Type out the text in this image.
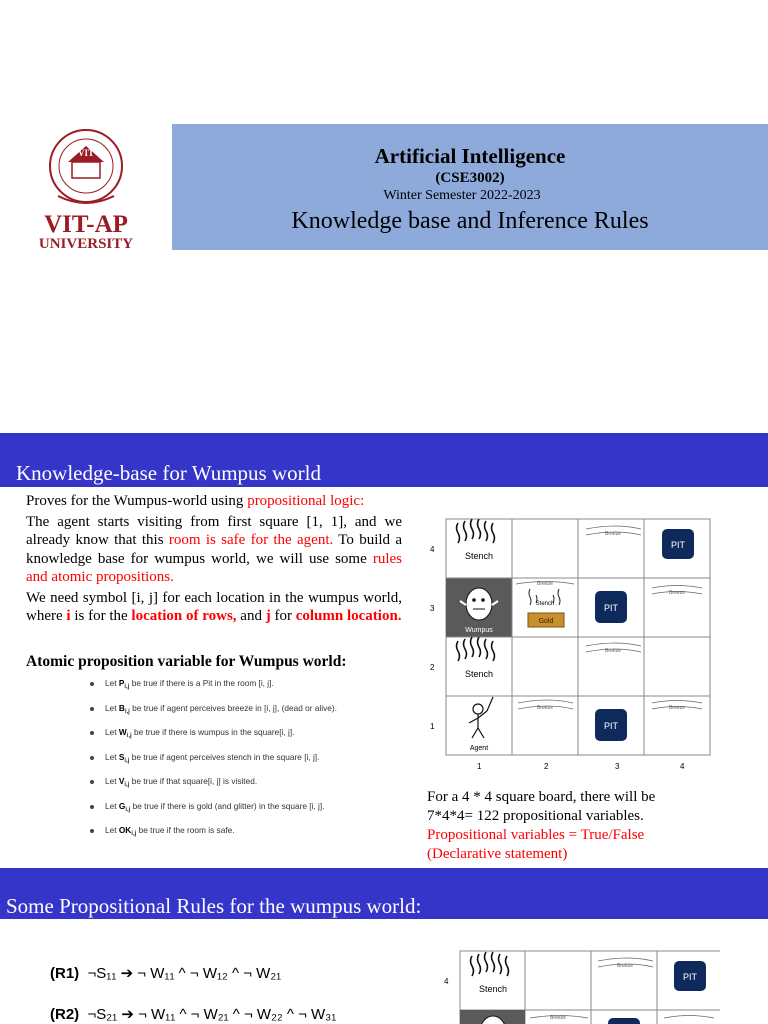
VIT
VIT-AP
UNIVERSITY
Artificial Intelligence
(CSE3002)
Winter Semester 2022-2023
Knowledge base and Inference Rules
Knowledge-base for Wumpus world
Proves for the Wumpus-world using propositional logic:
The agent starts visiting from first square [1, 1], and we already know that this room is safe for the agent. To build a knowledge base for wumpus world, we will use some rules and atomic propositions.
We need symbol [i, j] for each location in the wumpus world, where i is for the location of rows, and j for column location.
Atomic proposition variable for Wumpus world:
Let $P_{i,j}$ be true if there is a Pit in the room [i, j].
Let $B_{i,j}$ be true if agent perceives breeze in [i, j], (dead or alive).
Let $W_{i,j}$ be true if there is wumpus in the square[i, j].
Let $S_{i,j}$ be true if agent perceives stench in the square [i, j].
Let $V_{i,j}$ be true if that square[i, j] is visited.
Let $G_{i,j}$ be true if there is gold (and glitter) in the square [i, j].
Let $OK_{i,j}$ be true if the room is safe.
4
3
2
1
1	2	3	4
Stench
Breeze
PIT
Wumpus
Breeze
Stench
Gold
PIT
Breeze
Stench
Breeze
Agent
Breeze
PIT
Breeze
For a 4 * 4 square board, there will be
7*4*4= 122 propositional variables.
Propositional variables = True/False
(Declarative statement)
Some Propositional Rules for the wumpus world:
(R1) ¬S₁₁ ➔ ¬ W₁₁ ^ ¬ W₁₂ ^ ¬ W₂₁
(R2) ¬S₂₁ ➔ ¬ W₁₁ ^ ¬ W₂₁ ^ ¬ W₂₂ ^ ¬ W₃₁
4
Stench
Breeze
PIT
Breeze
